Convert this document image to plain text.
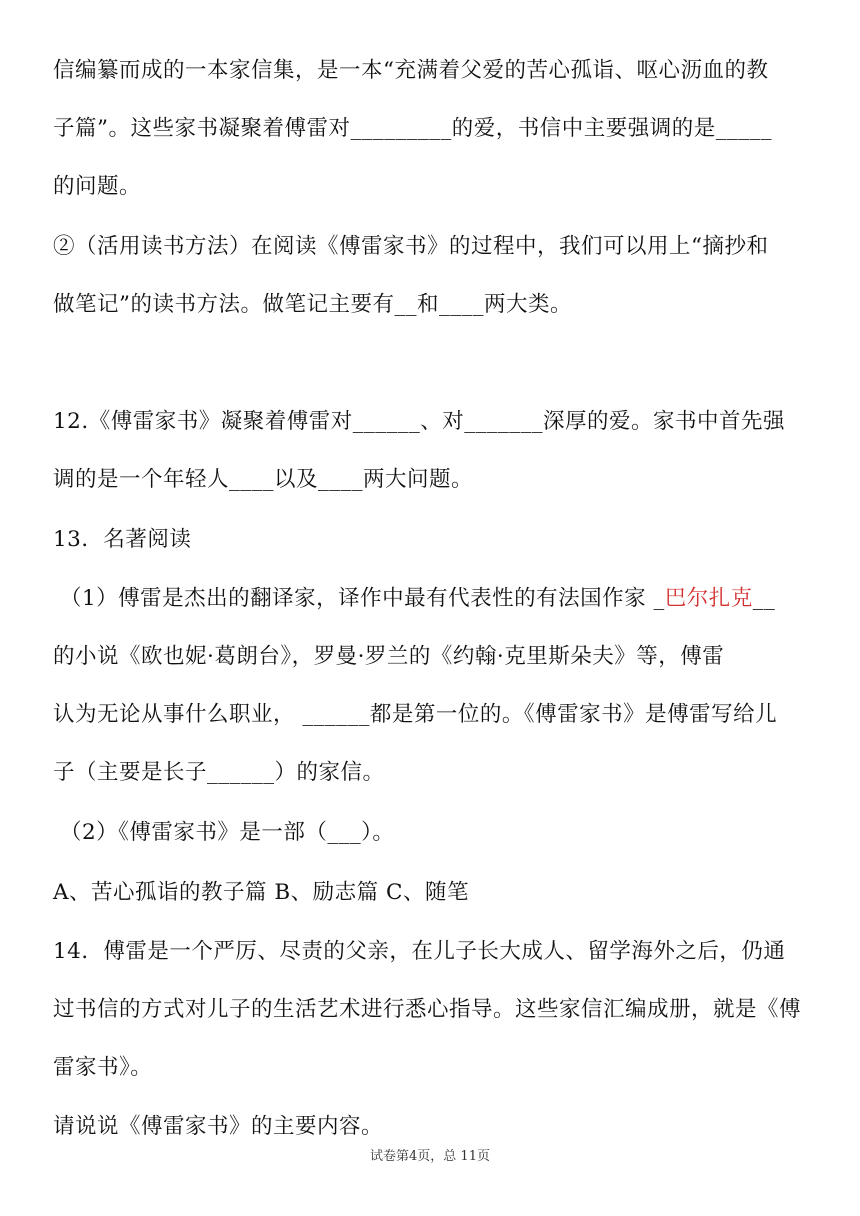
信编纂而成的一本家信集，是一本“充满着父爱的苦心孤诣、呕心沥血的教
子篇”。这些家书凝聚着傅雷对_________的爱，书信中主要强调的是_____
的问题。
②（活用读书方法）在阅读《傅雷家书》的过程中，我们可以用上“摘抄和
做笔记”的读书方法。做笔记主要有__和____两大类。
12.《傅雷家书》凝聚着傅雷对______、对_______深厚的爱。家书中首先强
调的是一个年轻人____以及____两大问题。
13．名著阅读
（1）傅雷是杰出的翻译家，译作中最有代表性的有法国作家 _巴尔扎克__
的小说《欧也妮·葛朗台》，罗曼·罗兰的《约翰·克里斯朵夫》等，傅雷
认为无论从事什么职业， ______都是第一位的。《傅雷家书》是傅雷写给儿
子（主要是长子______）的家信。
（2）《傅雷家书》是一部（___）。
A、苦心孤诣的教子篇 B、励志篇 C、随笔
14．傅雷是一个严厉、尽责的父亲，在儿子长大成人、留学海外之后，仍通
过书信的方式对儿子的生活艺术进行悉心指导。这些家信汇编成册，就是《傅
雷家书》。
请说说《傅雷家书》的主要内容。
试卷第4页，总 11页
